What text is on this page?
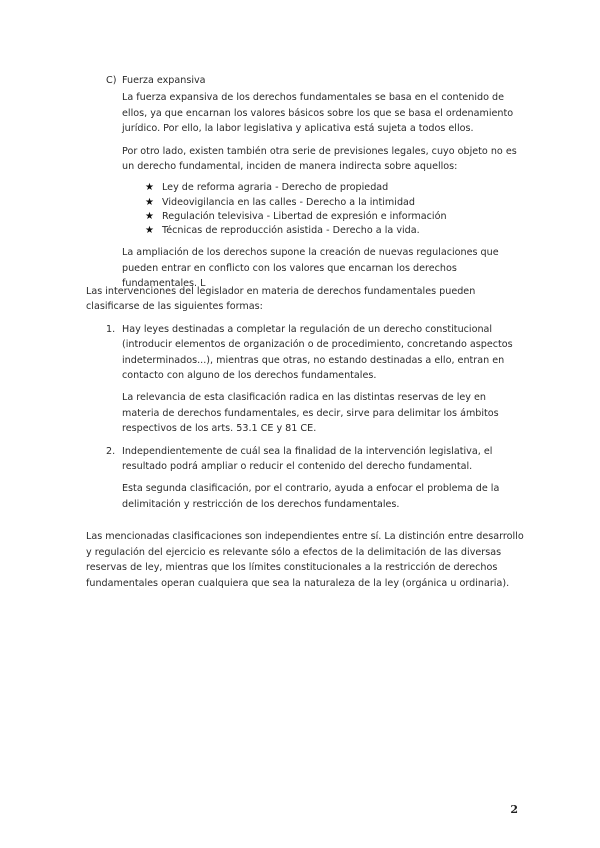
C) Fuerza expansiva

La fuerza expansiva de los derechos fundamentales se basa en el contenido de ellos, ya que encarnan los valores básicos sobre los que se basa el ordenamiento jurídico. Por ello, la labor legislativa y aplicativa está sujeta a todos ellos.

Por otro lado, existen también otra serie de previsiones legales, cuyo objeto no es un derecho fundamental, inciden de manera indirecta sobre aquellos:

★ Ley de reforma agraria - Derecho de propiedad
★ Videovigilancia en las calles - Derecho a la intimidad
★ Regulación televisiva - Libertad de expresión e información
★ Técnicas de reproducción asistida - Derecho a la vida.

La ampliación de los derechos supone la creación de nuevas regulaciones que pueden entrar en conflicto con los valores que encarnan los derechos fundamentales. L

Las intervenciones del legislador en materia de derechos fundamentales pueden clasificarse de las siguientes formas:

1. Hay leyes destinadas a completar la regulación de un derecho constitucional (introducir elementos de organización o de procedimiento, concretando aspectos indeterminados...), mientras que otras, no estando destinadas a ello, entran en contacto con alguno de los derechos fundamentales.

La relevancia de esta clasificación radica en las distintas reservas de ley en materia de derechos fundamentales, es decir, sirve para delimitar los ámbitos respectivos de los arts. 53.1 CE y 81 CE.

2. Independientemente de cuál sea la finalidad de la intervención legislativa, el resultado podrá ampliar o reducir el contenido del derecho fundamental.

Esta segunda clasificación, por el contrario, ayuda a enfocar el problema de la delimitación y restricción de los derechos fundamentales.

Las mencionadas clasificaciones son independientes entre sí. La distinción entre desarrollo y regulación del ejercicio es relevante sólo a efectos de la delimitación de las diversas reservas de ley, mientras que los límites constitucionales a la restricción de derechos fundamentales operan cualquiera que sea la naturaleza de la ley (orgánica u ordinaria).

2
